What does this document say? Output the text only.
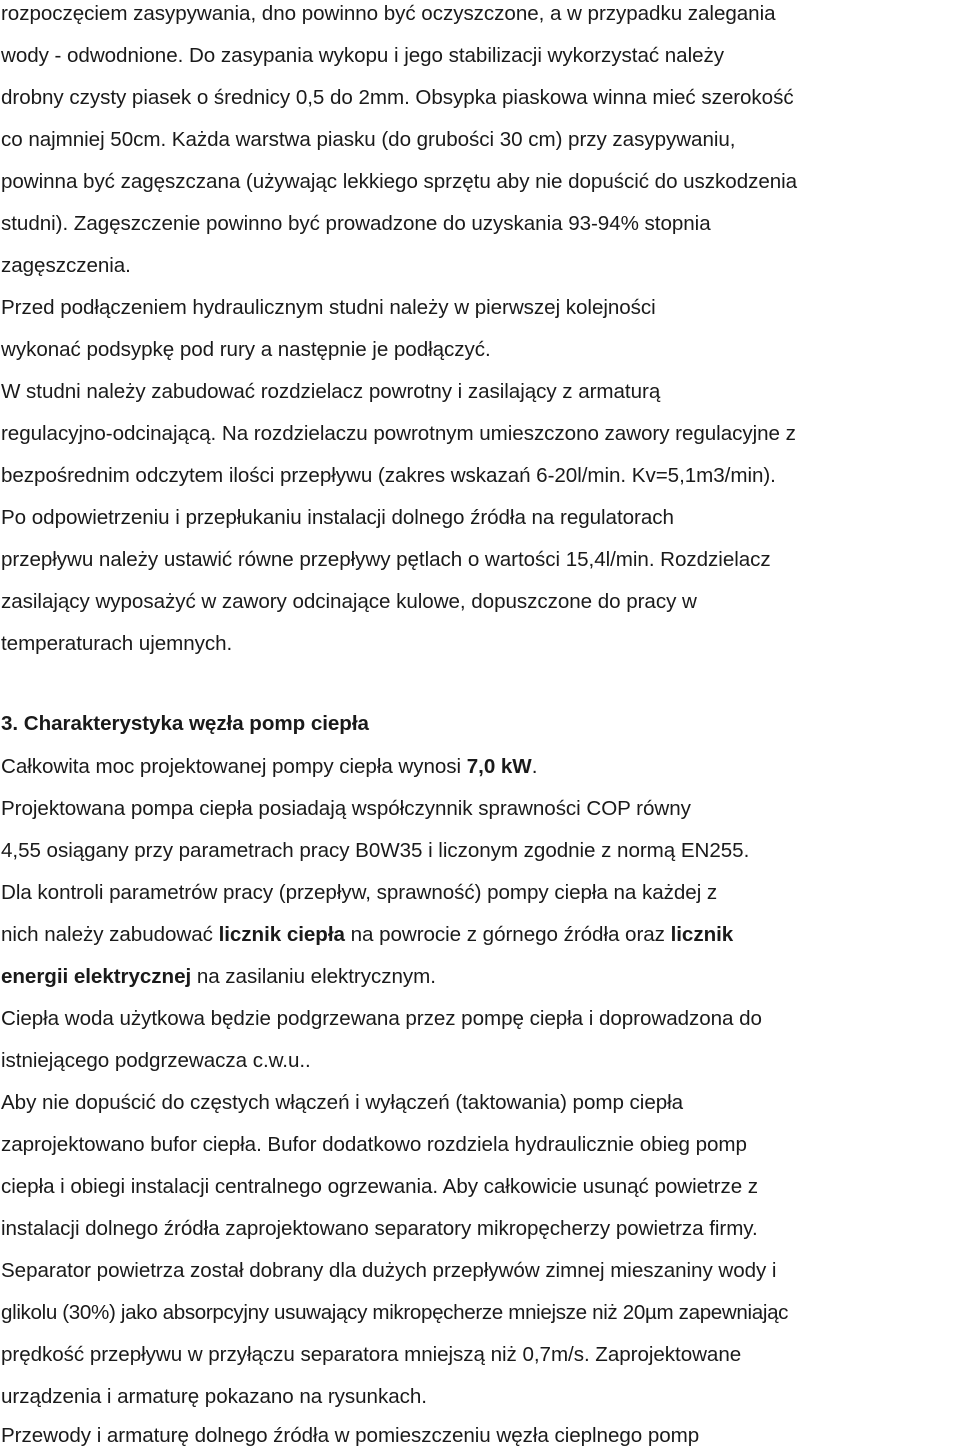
rozpoczęciem zasypywania, dno powinno być oczyszczone, a w przypadku zalegania
wody - odwodnione. Do zasypania wykopu i jego stabilizacji wykorzystać należy
drobny czysty piasek o średnicy 0,5 do 2mm. Obsypka piaskowa winna mieć szerokość
co najmniej 50cm. Każda warstwa piasku (do grubości 30 cm) przy zasypywaniu,
powinna być zagęszczana (używając lekkiego sprzętu aby nie dopuścić do uszkodzenia
studni). Zagęszczenie powinno być prowadzone do uzyskania 93-94% stopnia
zagęszczenia.
Przed podłączeniem hydraulicznym studni należy w pierwszej kolejności
wykonać podsypkę pod rury a następnie je podłączyć.
W studni należy zabudować rozdzielacz powrotny i zasilający z armaturą
regulacyjno-odcinającą. Na rozdzielaczu powrotnym umieszczono zawory regulacyjne z
bezpośrednim odczytem ilości przepływu (zakres wskazań 6-20l/min. Kv=5,1m3/min).
Po odpowietrzeniu i przepłukaniu instalacji dolnego źródła na regulatorach
przepływu należy ustawić równe przepływy pętlach o wartości 15,4l/min. Rozdzielacz
zasilający wyposażyć w zawory odcinające kulowe, dopuszczone do pracy w
temperaturach ujemnych.
3. Charakterystyka węzła pomp ciepła
Całkowita moc projektowanej pompy ciepła wynosi 7,0 kW.
Projektowana pompa ciepła posiadają współczynnik sprawności COP równy
4,55 osiągany przy parametrach pracy B0W35 i liczonym zgodnie z normą EN255.
Dla kontroli parametrów pracy (przepływ, sprawność) pompy ciepła na każdej z
nich należy zabudować licznik ciepła na powrocie z górnego źródła oraz licznik
energii elektrycznej na zasilaniu elektrycznym.
Ciepła woda użytkowa będzie podgrzewana przez pompę ciepła i doprowadzona do
istniejącego podgrzewacza c.w.u..
Aby nie dopuścić do częstych włączeń i wyłączeń (taktowania) pomp ciepła
zaprojektowano bufor ciepła. Bufor dodatkowo rozdziela hydraulicznie obieg pomp
ciepła i obiegi instalacji centralnego ogrzewania. Aby całkowicie usunąć powietrze z
instalacji dolnego źródła zaprojektowano separatory mikropęcherzy powietrza firmy.
Separator powietrza został dobrany dla dużych przepływów zimnej mieszaniny wody i
glikolu (30%) jako absorpcyjny usuwający mikropęcherze mniejsze niż 20µm zapewniając
prędkość przepływu w przyłączu separatora mniejszą niż 0,7m/s. Zaprojektowane
urządzenia i armaturę pokazano na rysunkach.
Przewody i armaturę dolnego źródła w pomieszczeniu węzła cieplnego pomp
